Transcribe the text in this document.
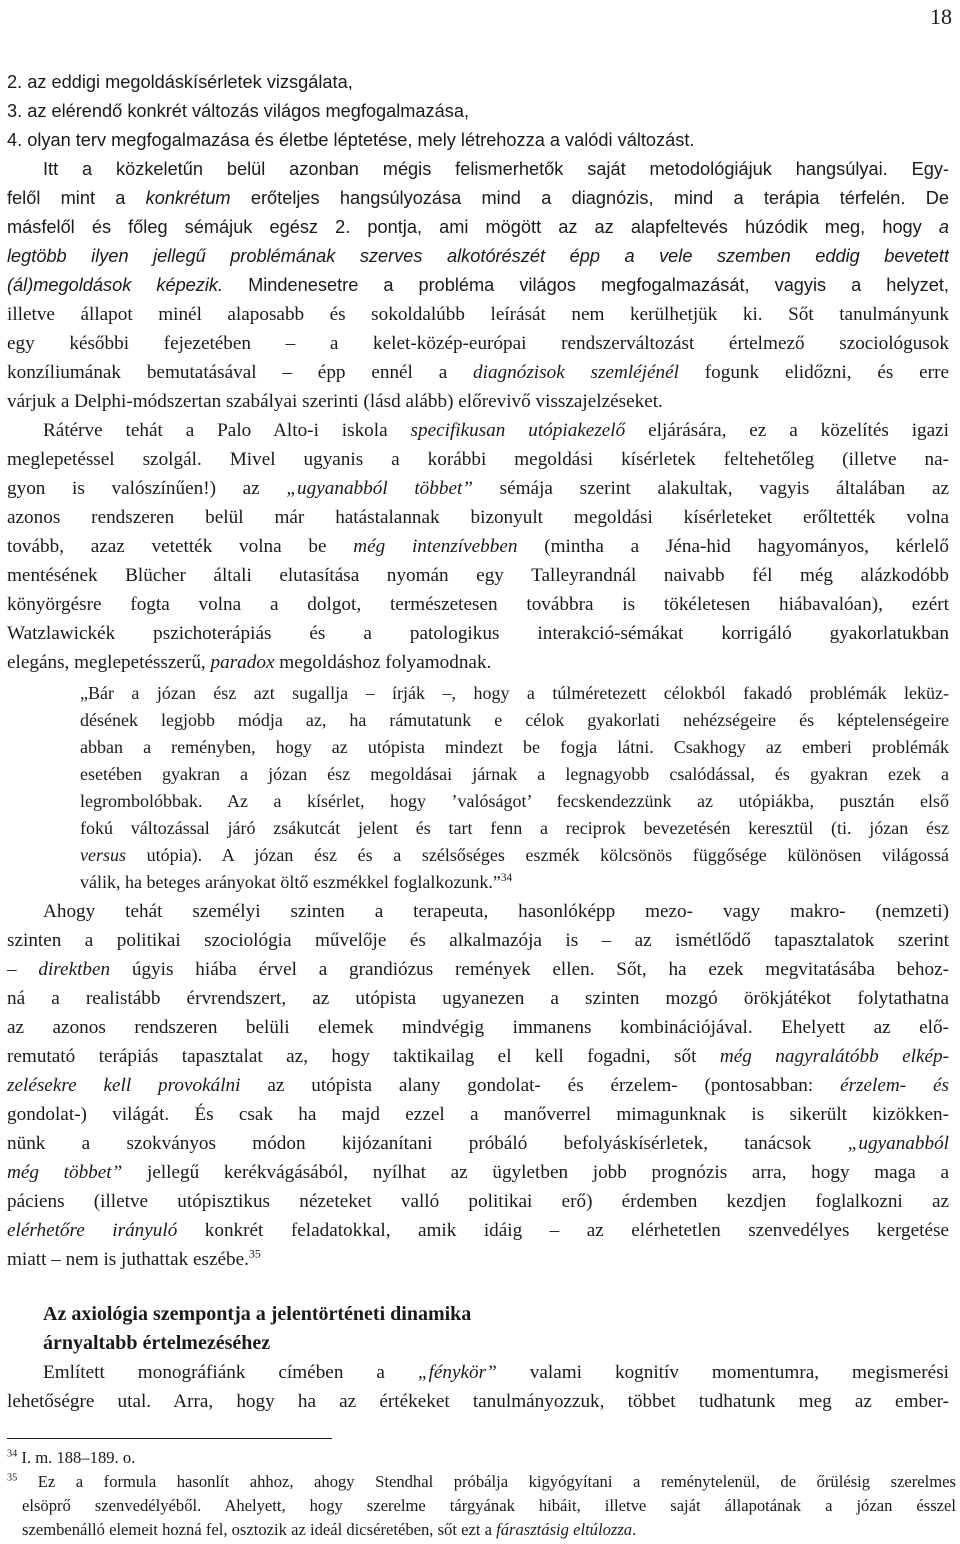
18
2. az eddigi megoldáskísérletek vizsgálata,
3. az elérendő konkrét változás világos megfogalmazása,
4. olyan terv megfogalmazása és életbe léptetése, mely létrehozza a valódi változást.
Itt a közkeletűn belül azonban mégis felismerhetők saját metodológiájuk hangsúlyai. Egy-
felől mint a konkrétum erőteljes hangsúlyozása mind a diagnózis, mind a terápia térfelén. De
másfelől és főleg sémájuk egész 2. pontja, ami mögött az az alapfeltevés húzódik meg, hogy a
legtöbb ilyen jellegű problémának szerves alkotórészét épp a vele szemben eddig bevetett
(ál)megoldások képezik. Mindenesetre a probléma világos megfogalmazását, vagyis a helyzet,
illetve állapot minél alaposabb és sokoldalúbb leírását nem kerülhetjük ki. Sőt tanulmányunk
egy későbbi fejezetében – a kelet-közép-európai rendszerváltozást értelmező szociológusok
konzíliumának bemutatásával – épp ennél a diagnózisok szemléjénél fogunk elidőzni, és erre
várjuk a Delphi-módszertan szabályai szerinti (lásd alább) előrevivő visszajelzéseket.
Rátérve tehát a Palo Alto-i iskola specifikusan utópiakezelő eljárására, ez a közelítés igazi
meglepetéssel szolgál. Mivel ugyanis a korábbi megoldási kísérletek feltehetőleg (illetve na-
gyon is valószínűen!) az „ugyanabból többet” sémája szerint alakultak, vagyis általában az
azonos rendszeren belül már hatástalannak bizonyult megoldási kísérleteket erőltették volna
tovább, azaz vetették volna be még intenzívebben (mintha a Jéna-hid hagyományos, kérlelő
mentésének Blücher általi elutasítása nyomán egy Talleyrandnál naivabb fél még alázkodóbb
könyörgésre fogta volna a dolgot, természetesen továbbra is tökéletesen hiábavalóan), ezért
Watzlawickék pszichoterápiás és a patologikus interakció-sémákat korrigáló gyakorlatukban
elegáns, meglepetésszerű, paradox megoldáshoz folyamodnak.
„Bár a józan ész azt sugallja – írják –, hogy a túlméretezett célokból fakadó problémák leküz-
désének legjobb módja az, ha rámutatunk e célok gyakorlati nehézségeire és képtelenségeire
abban a reményben, hogy az utópista mindezt be fogja látni. Csakhogy az emberi problémák
esetében gyakran a józan ész megoldásai járnak a legnagyobb csalódással, és gyakran ezek a
legrombolóbbak. Az a kísérlet, hogy ’valóságot’ fecskendezzünk az utópiákba, pusztán első
fokú változással járó zsákutcát jelent és tart fenn a reciprok bevezetésén keresztül (ti. józan ész
versus utópia). A józan ész és a szélsőséges eszmék kölcsönös függősége különösen világossá
válik, ha beteges arányokat öltő eszmékkel foglalkozunk.”$^{34}$
Ahogy tehát személyi szinten a terapeuta, hasonlóképp mezo- vagy makro- (nemzeti)
szinten a politikai szociológia művelője és alkalmazója is – az ismétlődő tapasztalatok szerint
– direktben úgyis hiába érvel a grandiózus remények ellen. Sőt, ha ezek megvitatásába behoz-
ná a realistább érvrendszert, az utópista ugyanezen a szinten mozgó örökjátékot folytathatna
az azonos rendszeren belüli elemek mindvégig immanens kombinációjával. Ehelyett az elő-
remutató terápiás tapasztalat az, hogy taktikailag el kell fogadni, sőt még nagyralátóbb elkép-
zelésekre kell provokálni az utópista alany gondolat- és érzelem- (pontosabban: érzelem- és
gondolat-) világát. És csak ha majd ezzel a manőverrel mimagunknak is sikerült kizökken-
nünk a szokványos módon kijózanítani próbáló befolyáskísérletek, tanácsok „ugyanabból
még többet” jellegű kerékvágásából, nyílhat az ügyletben jobb prognózis arra, hogy maga a
páciens (illetve utópisztikus nézeteket valló politikai erő) érdemben kezdjen foglalkozni az
elérhetőre irányuló konkrét feladatokkal, amik idáig – az elérhetetlen szenvedélyes kergetése
miatt – nem is juthattak eszébe.$^{35}$
Az axiológia szempontja a jelentörténeti dinamika
árnyaltabb értelmezéséhez
Említett monográfiánk címében a „fénykör” valami kognitív momentumra, megismerési
lehetőségre utal. Arra, hogy ha az értékeket tanulmányozzuk, többet tudhatunk meg az ember-
$^{34}$ I. m. 188–189. o.
$^{35}$ Ez a formula hasonlít ahhoz, ahogy Stendhal próbálja kigyógyítani a reménytelenül, de őrülésig szerelmes
elsöprő szenvedélyéből. Ahelyett, hogy szerelme tárgyának hibáit, illetve saját állapotának a józan ésszel
szembenálló elemeit hozná fel, osztozik az ideál dicséretében, sőt ezt a fárasztásig eltúlozza.
